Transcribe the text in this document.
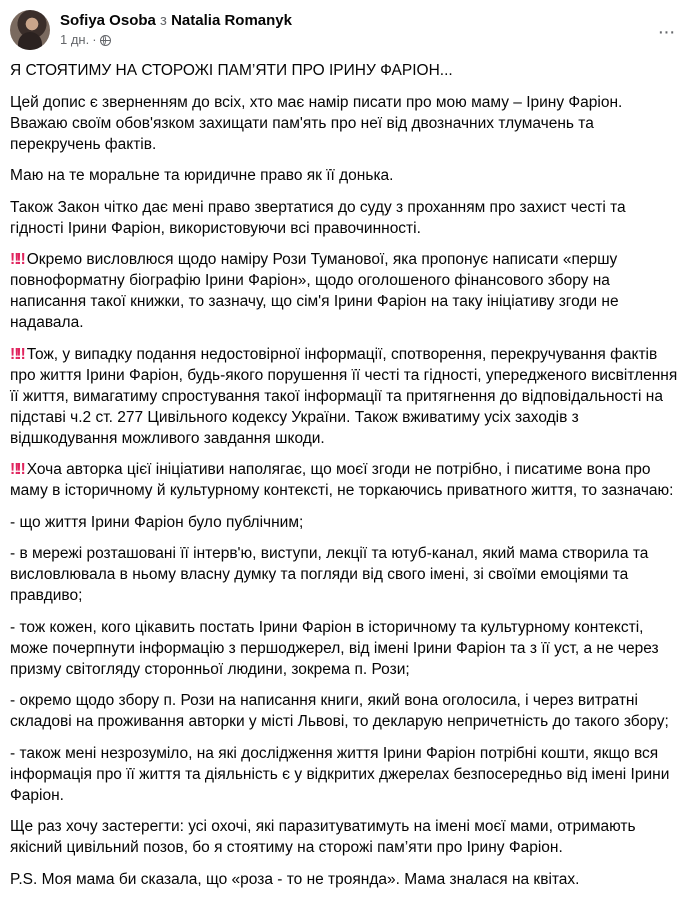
Sofiya Osoba з Natalia Romanyk
1 дн. ·	···

Я СТОЯТИМУ НА СТОРОЖІ ПАМ’ЯТИ ПРО ІРИНУ ФАРІОН...

Цей допис є зверненням до всіх, хто має намір писати про мою маму – Ірину Фаріон. Вважаю своїм обов'язком захищати пам'ять про неї від двозначних тлумачень та перекручень фактів.

Маю на те моральне та юридичне право як її донька.

Також Закон чітко дає мені право звертатися до суду з проханням про захист честі та гідності Ірини Фаріон, використовуючи всі правочинності.

‼‼ Окремо висловлюся щодо наміру Рози Туманової, яка пропонує написати «першу повноформатну біографію Ірини Фаріон», щодо оголошеного фінансового збору на написання такої книжки, то зазначу, що сім'я Ірини Фаріон на таку ініціативу згоди не надавала.

‼‼ Тож, у випадку подання недостовірної інформації, спотворення, перекручування фактів про життя Ірини Фаріон, будь-якого порушення її честі та гідності, упередженого висвітлення її життя, вимагатиму спростування такої інформації та притягнення до відповідальності на підставі ч.2 ст. 277 Цивільного кодексу України. Також вживатиму усіх заходів з відшкодування можливого завдання шкоди.

‼‼ Хоча авторка цієї ініціативи наполягає, що моєї згоди не потрібно, і писатиме вона про маму в історичному й культурному контексті, не торкаючись приватного життя, то зазначаю:

- що життя Ірини Фаріон було публічним;

- в мережі розташовані її інтерв'ю, виступи, лекції та ютуб-канал, який мама створила та висловлювала в ньому власну думку та погляди від свого імені, зі своїми емоціями та правдиво;

- тож кожен, кого цікавить постать Ірини Фаріон в історичному та культурному контексті, може почерпнути інформацію з першоджерел, від імені Ірини Фаріон та з її уст, а не через призму світогляду сторонньої людини, зокрема п. Рози;

- окремо щодо збору п. Рози на написання книги, який вона оголосила, і через витратні складові на проживання авторки у місті Львові, то декларую непричетність до такого збору;

- також мені незрозуміло, на які дослідження життя Ірини Фаріон потрібні кошти, якщо вся інформація про її життя та діяльність є у відкритих джерелах безпосередньо від імені Ірини Фаріон.

Ще раз хочу застерегти: усі охочі, які паразитуватимуть на імені моєї мами, отримають якісний цивільний позов, бо я стоятиму на сторожі пам’яти про Ірину Фаріон.

P.S. Моя мама би сказала, що «роза - то не троянда». Мама зналася на квітах.
